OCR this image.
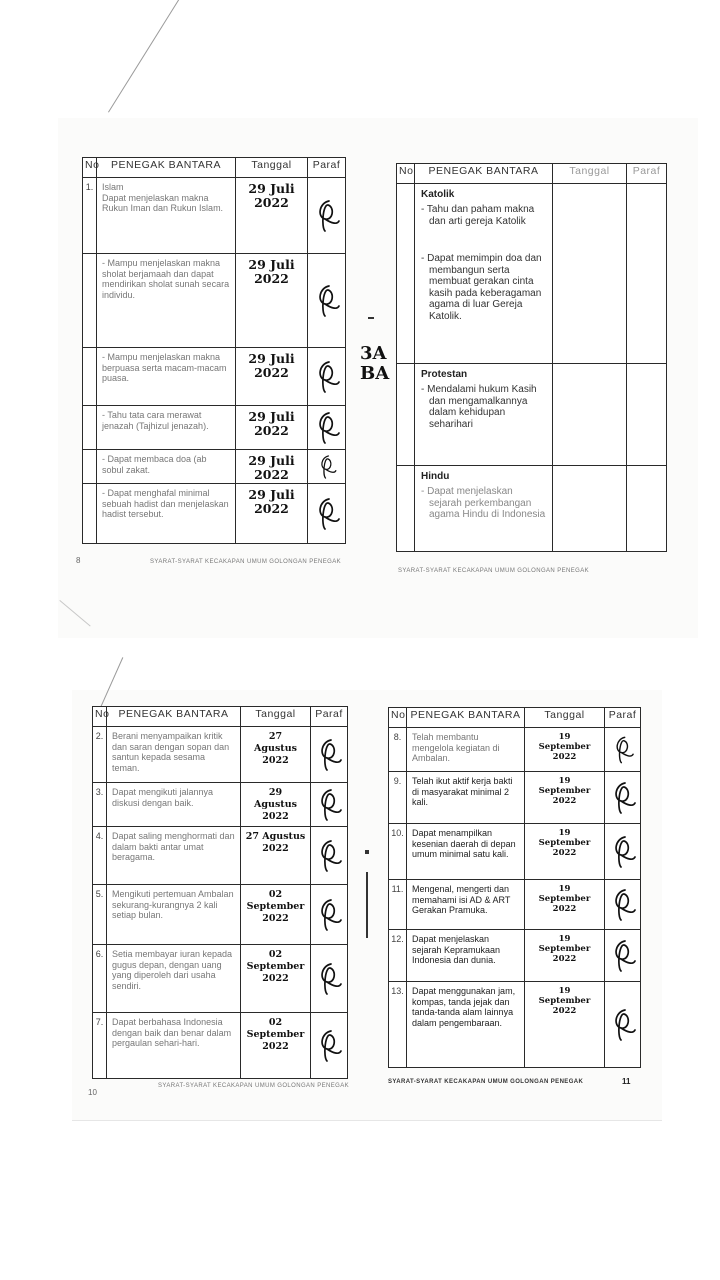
No	PENEGAK BANTARA	Tanggal	Paraf
1.	Islam
Dapat menjelaskan makna Rukun Iman dan Rukun Islam.	29 Juli
2022	

	- Mampu menjelaskan makna sholat berjamaah dan dapat mendirikan sholat sunah secara individu.	29 Juli
2022	

	- Mampu menjelaskan makna berpuasa serta macam-macam puasa.	29 Juli
2022	

	- Tahu tata cara merawat jenazah (Tajhizul jenazah).	29 Juli
2022	

	- Dapat membaca doa (ab sobul zakat.	29 Juli
2022	

	- Dapat menghafal minimal sebuah hadist dan menjelaskan hadist tersebut.	29 Juli
2022	
8	SYARAT-SYARAT KECAKAPAN UMUM GOLONGAN PENEGAK
3A
BA
No	PENEGAK BANTARA	Tanggal	Paraf

	Katolik
- Tahu dan paham makna dan arti gereja Katolik
- Dapat memimpin doa dan membangun serta membuat gerakan cinta kasih pada keberagaman agama di luar Gereja Katolik.		

	Protestan
- Mendalami hukum Kasih dan mengamalkannya dalam kehidupan seharihari		

	Hindu
- Dapat menjelaskan sejarah perkembangan agama Hindu di Indonesia		

SYARAT-SYARAT KECAKAPAN UMUM GOLONGAN PENEGAK
No	PENEGAK BANTARA	Tanggal	Paraf
2.	Berani menyampaikan kritik dan saran dengan sopan dan santun kepada sesama teman.	27
Agustus
2022	

3.	Dapat mengikuti jalannya diskusi dengan baik.	29
Agustus
2022	

4.	Dapat saling menghormati dan dalam bakti antar umat beragama.	27 Agustus
2022	

5.	Mengikuti pertemuan Ambalan sekurang-kurangnya 2 kali setiap bulan.	02 September
2022	

6.	Setia membayar iuran kepada gugus depan, dengan uang yang diperoleh dari usaha sendiri.	02 September
2022	

7.	Dapat berbahasa Indonesia dengan baik dan benar dalam pergaulan sehari-hari.	02 September
2022	
10
SYARAT-SYARAT KECAKAPAN UMUM GOLONGAN PENEGAK
No	PENEGAK BANTARA	Tanggal	Paraf
8.	Telah membantu mengelola kegiatan di Ambalan.	19
September
2022	

9.	Telah ikut aktif kerja bakti di masyarakat minimal 2 kali.	19
September
2022	

10.	Dapat menampilkan kesenian daerah di depan umum minimal satu kali.	19
September
2022	

11.	Mengenal, mengerti dan memahami isi AD & ART Gerakan Pramuka.	19
September
2022	

12.	Dapat menjelaskan sejarah Kepramukaan Indonesia dan dunia.	19
September
2022	

13.	Dapat menggunakan jam, kompas, tanda jejak dan tanda-tanda alam lainnya dalam pengembaraan.	19
September
2022	
SYARAT-SYARAT KECAKAPAN UMUM GOLONGAN PENEGAK	11
